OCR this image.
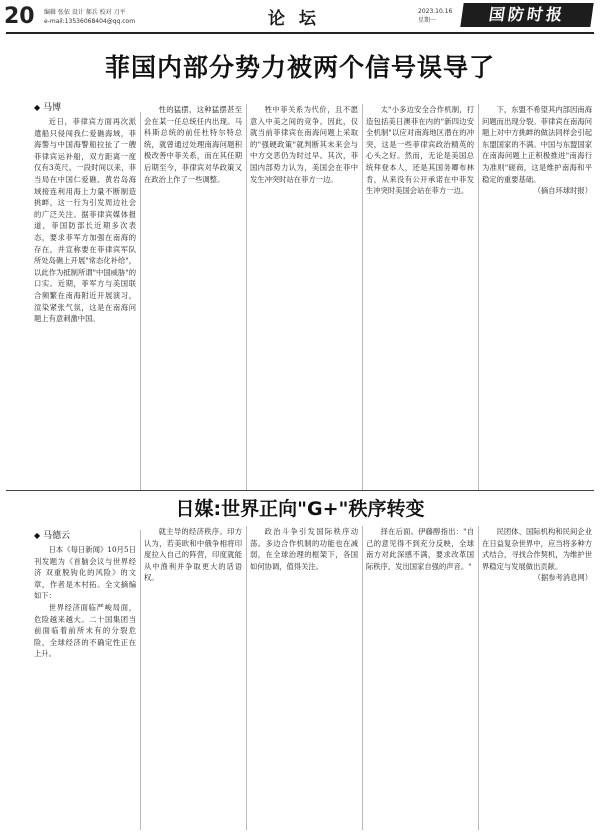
20 编辑 张依 设计 郝兵 校对 刀平
e-mail:13536068404@qq.com	论 坛	2023.10.16
星期一	国防时报
菲国内部分势力被两个信号误导了
◆ 马博

近日，菲律宾方面再次派遣船只侵闯我仁爱礁海域，菲海警与中国海警船拉扯了一艘菲律宾运补船，双方距离一度仅有3英尺。一段时间以来，菲当局在中国仁爱礁、黄岩岛海域接连利用海上力量不断制造挑衅，这一行为引发周边社会的广泛关注。据菲律宾媒体报道，菲国防部长近期多次表态，要求菲军方加强在南海的存在，并宣称要在菲律宾军队所处岛礁上开展"常态化补给"，以此作为抵制所谓"中国威胁"的口实。近期，菲军方与美国联合频繁在南海附近开展演习，渲染紧张气氛，这是在南海问题上有意刺激中国。

性的猛摆，这种猛摆甚至会在某一任总统任内出现。马科斯总统的前任杜特尔特总统，就曾通过处理南海问题积极改善中菲关系，而在其任期后期至今，菲律宾对华政策又在政治上作了一些调整。

牲中菲关系为代价，且不愿意入中美之间的竞争。因此，仅就当前菲律宾在南海问题上采取的"强硬政策"就判断其未来会与中方交恶仍为时过早。其次，菲国内部势力认为，美国会在菲中发生冲突时站在菲方一边。

太"小多边安全合作机制，打造包括美日澳菲在内的"新四边安全机制"以应对南海地区潜在的冲突，这是一些菲律宾政治精英的心头之好。然而，无论是美国总统拜登本人，还是其国务卿布林肯，从来没有公开承诺在中菲发生冲突时美国会站在菲方一边。

下，东盟不希望其内部因南海问题而出现分裂。菲律宾在南海问题上对中方挑衅的做法同样会引起东盟国家的不满。中国与东盟国家在南海问题上正积极推进"南海行为准则"磋商，这是维护南海和平稳定的重要基础。

（摘自环球时报）
日媒:世界正向"G+"秩序转变
◆ 马德云

日本《每日新闻》10月5日刊发题为《首脑会议与世界经济 双重脱钩化的风险》的文章，作者是木村拓。全文摘编如下：

世界经济面临严峻局面，危险越来越大。二十国集团当前面临着前所未有的分裂危险，全球经济的不确定性正在上升。

就主导的经济秩序。印方认为，若美欧和中俄争相将印度拉入自己的阵营，印度就能从中渔利并争取更大的话语权。

政治斗争引发国际秩序动荡。多边合作机制的功能也在减弱，在全球治理的框架下，各国如何协调，值得关注。

择在后面。伊藤醇指出："自己的意见得不到充分反映，全球南方对此深感不满，要求改革国际秩序，发出国家自强的声音。"

民团体、国际机构和民间企业在日益复杂世界中，应当将多种方式结合，寻找合作契机，为维护世界稳定与发展做出贡献。

（据参考消息网）
